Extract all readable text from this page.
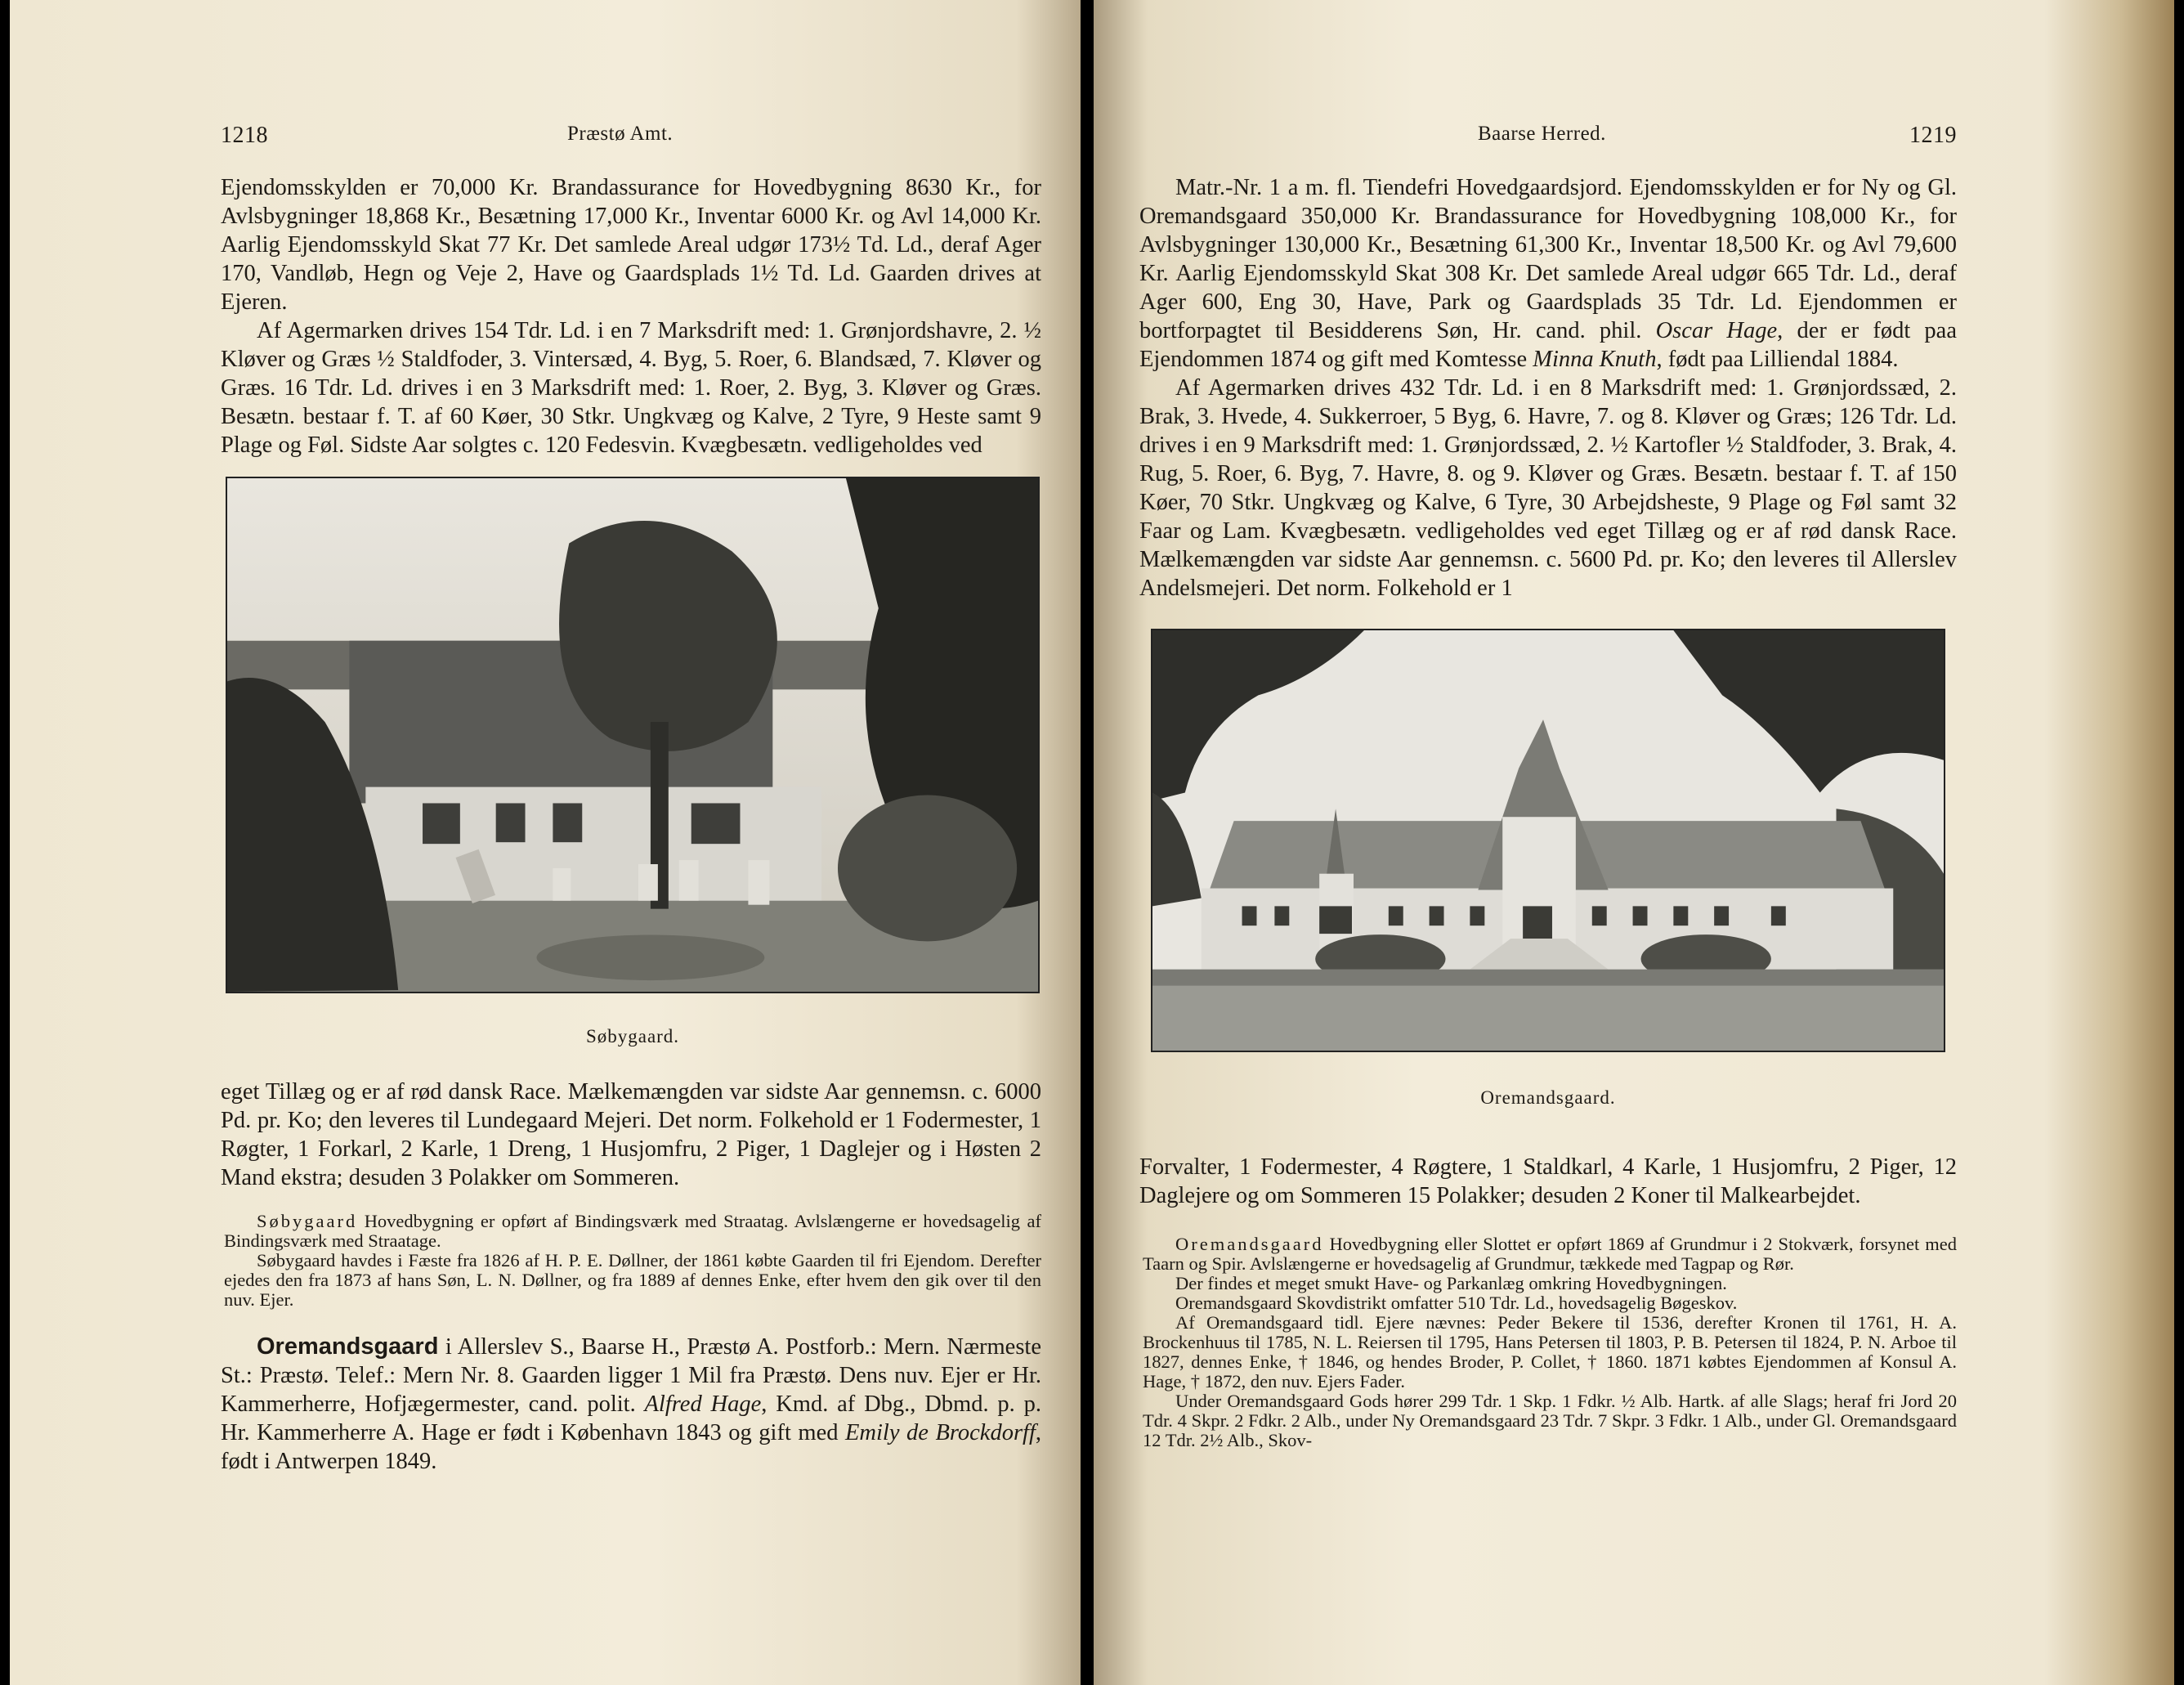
1218	Præstø Amt.

Ejendomsskylden er 70,000 Kr. Brandassurance for Hovedbygning 8630 Kr., for Avlsbygninger 18,868 Kr., Besætning 17,000 Kr., Inventar 6000 Kr. og Avl 14,000 Kr. Aarlig Ejendomsskyld Skat 77 Kr. Det samlede Areal udgør 173½ Td. Ld., deraf Ager 170, Vandløb, Hegn og Veje 2, Have og Gaardsplads 1½ Td. Ld. Gaarden drives at Ejeren.

Af Agermarken drives 154 Tdr. Ld. i en 7 Marksdrift med: 1. Grønjordshavre, 2. ½ Kløver og Græs ½ Staldfoder, 3. Vintersæd, 4. Byg, 5. Roer, 6. Blandsæd, 7. Kløver og Græs. 16 Tdr. Ld. drives i en 3 Marksdrift med: 1. Roer, 2. Byg, 3. Kløver og Græs. Besætn. bestaar f. T. af 60 Køer, 30 Stkr. Ungkvæg og Kalve, 2 Tyre, 9 Heste samt 9 Plage og Føl. Sidste Aar solgtes c. 120 Fedesvin. Kvægbesætn. vedligeholdes ved

Søbygaard.

eget Tillæg og er af rød dansk Race. Mælkemængden var sidste Aar gennemsn. c. 6000 Pd. pr. Ko; den leveres til Lundegaard Mejeri. Det norm. Folkehold er 1 Fodermester, 1 Røgter, 1 Forkarl, 2 Karle, 1 Dreng, 1 Husjomfru, 2 Piger, 1 Daglejer og i Høsten 2 Mand ekstra; desuden 3 Polakker om Sommeren.

Søbygaard Hovedbygning er opført af Bindingsværk med Straatag. Avlslængerne er hovedsagelig af Bindingsværk med Straatage.

Søbygaard havdes i Fæste fra 1826 af H. P. E. Døllner, der 1861 købte Gaarden til fri Ejendom. Derefter ejedes den fra 1873 af hans Søn, L. N. Døllner, og fra 1889 af dennes Enke, efter hvem den gik over til den nuv. Ejer.

Oremandsgaard i Allerslev S., Baarse H., Præstø A. Postforb.: Mern. Nærmeste St.: Præstø. Telef.: Mern Nr. 8. Gaarden ligger 1 Mil fra Præstø. Dens nuv. Ejer er Hr. Kammerherre, Hofjægermester, cand. polit. Alfred Hage, Kmd. af Dbg., Dbmd. p. p. Hr. Kammerherre A. Hage er født i København 1843 og gift med Emily de Brockdorff, født i Antwerpen 1849.

Baarse Herred.	1219

Matr.-Nr. 1 a m. fl. Tiendefri Hovedgaardsjord. Ejendomsskylden er for Ny og Gl. Oremandsgaard 350,000 Kr. Brandassurance for Hovedbygning 108,000 Kr., for Avlsbygninger 130,000 Kr., Besætning 61,300 Kr., Inventar 18,500 Kr. og Avl 79,600 Kr. Aarlig Ejendomsskyld Skat 308 Kr. Det samlede Areal udgør 665 Tdr. Ld., deraf Ager 600, Eng 30, Have, Park og Gaardsplads 35 Tdr. Ld. Ejendommen er bortforpagtet til Besidderens Søn, Hr. cand. phil. Oscar Hage, der er født paa Ejendommen 1874 og gift med Komtesse Minna Knuth, født paa Lilliendal 1884.

Af Agermarken drives 432 Tdr. Ld. i en 8 Marksdrift med: 1. Grønjordssæd, 2. Brak, 3. Hvede, 4. Sukkerroer, 5 Byg, 6. Havre, 7. og 8. Kløver og Græs; 126 Tdr. Ld. drives i en 9 Marksdrift med: 1. Grønjordssæd, 2. ½ Kartofler ½ Staldfoder, 3. Brak, 4. Rug, 5. Roer, 6. Byg, 7. Havre, 8. og 9. Kløver og Græs. Besætn. bestaar f. T. af 150 Køer, 70 Stkr. Ungkvæg og Kalve, 6 Tyre, 30 Arbejdsheste, 9 Plage og Føl samt 32 Faar og Lam. Kvægbesætn. vedligeholdes ved eget Tillæg og er af rød dansk Race. Mælkemængden var sidste Aar gennemsn. c. 5600 Pd. pr. Ko; den leveres til Allerslev Andelsmejeri. Det norm. Folkehold er 1

Oremandsgaard.

Forvalter, 1 Fodermester, 4 Røgtere, 1 Staldkarl, 4 Karle, 1 Husjomfru, 2 Piger, 12 Daglejere og om Sommeren 15 Polakker; desuden 2 Koner til Malkearbejdet.

Oremandsgaard Hovedbygning eller Slottet er opført 1869 af Grundmur i 2 Stokværk, forsynet med Taarn og Spir. Avlslængerne er hovedsagelig af Grundmur, tækkede med Tagpap og Rør.

Der findes et meget smukt Have- og Parkanlæg omkring Hovedbygningen.

Oremandsgaard Skovdistrikt omfatter 510 Tdr. Ld., hovedsagelig Bøgeskov.

Af Oremandsgaard tidl. Ejere nævnes: Peder Bekere til 1536, derefter Kronen til 1761, H. A. Brockenhuus til 1785, N. L. Reiersen til 1795, Hans Petersen til 1803, P. B. Petersen til 1824, P. N. Arboe til 1827, dennes Enke, † 1846, og hendes Broder, P. Collet, † 1860. 1871 købtes Ejendommen af Konsul A. Hage, † 1872, den nuv. Ejers Fader.

Under Oremandsgaard Gods hører 299 Tdr. 1 Skp. 1 Fdkr. ½ Alb. Hartk. af alle Slags; heraf fri Jord 20 Tdr. 4 Skpr. 2 Fdkr. 2 Alb., under Ny Oremandsgaard 23 Tdr. 7 Skpr. 3 Fdkr. 1 Alb., under Gl. Oremandsgaard 12 Tdr. 2½ Alb., Skov-
